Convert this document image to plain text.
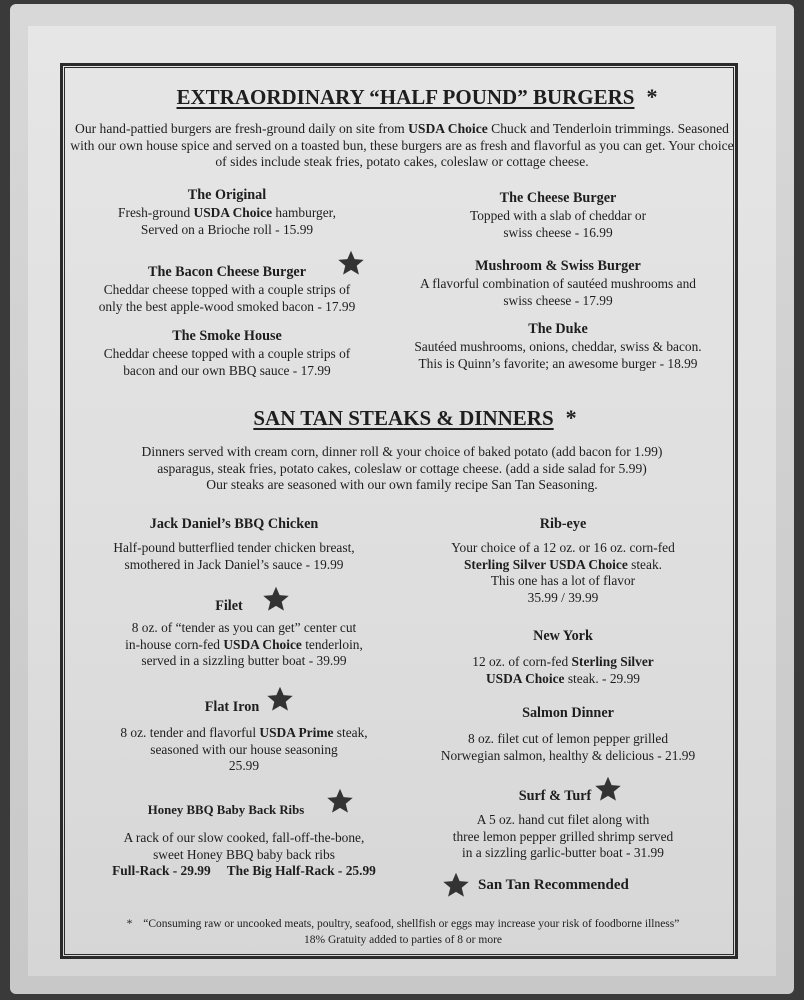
EXTRAORDINARY “HALF POUND” BURGERS *
Our hand-pattied burgers are fresh-ground daily on site from USDA Choice Chuck and Tenderloin trimmings. Seasoned with our own house spice and served on a toasted bun, these burgers are as fresh and flavorful as you can get. Your choice of sides include steak fries, potato cakes, coleslaw or cottage cheese.
The Original
Fresh-ground USDA Choice hamburger,
Served on a Brioche roll - 15.99
The Cheese Burger
Topped with a slab of cheddar or
swiss cheese - 16.99
The Bacon Cheese Burger
Cheddar cheese topped with a couple strips of
only the best apple-wood smoked bacon - 17.99
Mushroom & Swiss Burger
A flavorful combination of sautéed mushrooms and
swiss cheese - 17.99
The Smoke House
Cheddar cheese topped with a couple strips of
bacon and our own BBQ sauce - 17.99
The Duke
Sautéed mushrooms, onions, cheddar, swiss & bacon.
This is Quinn’s favorite; an awesome burger - 18.99
SAN TAN STEAKS & DINNERS *
Dinners served with cream corn, dinner roll & your choice of baked potato (add bacon for 1.99)
asparagus, steak fries, potato cakes, coleslaw or cottage cheese. (add a side salad for 5.99)
Our steaks are seasoned with our own family recipe San Tan Seasoning.
Jack Daniel’s BBQ Chicken
Half-pound butterflied tender chicken breast,
smothered in Jack Daniel’s sauce - 19.99
Rib-eye
Your choice of a 12 oz. or 16 oz. corn-fed
Sterling Silver USDA Choice steak.
This one has a lot of flavor
35.99 / 39.99
Filet
8 oz. of “tender as you can get” center cut
in-house corn-fed USDA Choice tenderloin,
served in a sizzling butter boat - 39.99
New York
12 oz. of corn-fed Sterling Silver
USDA Choice steak. - 29.99
Flat Iron
8 oz. tender and flavorful USDA Prime steak,
seasoned with our house seasoning
25.99
Salmon Dinner
8 oz. filet cut of lemon pepper grilled
Norwegian salmon, healthy & delicious - 21.99
Honey BBQ Baby Back Ribs
A rack of our slow cooked, fall-off-the-bone,
sweet Honey BBQ baby back ribs
Full-Rack - 29.99 The Big Half-Rack - 25.99
Surf & Turf
A 5 oz. hand cut filet along with
three lemon pepper grilled shrimp served
in a sizzling garlic-butter boat - 31.99
San Tan Recommended
* “Consuming raw or uncooked meats, poultry, seafood, shellfish or eggs may increase your risk of foodborne illness”
18% Gratuity added to parties of 8 or more
